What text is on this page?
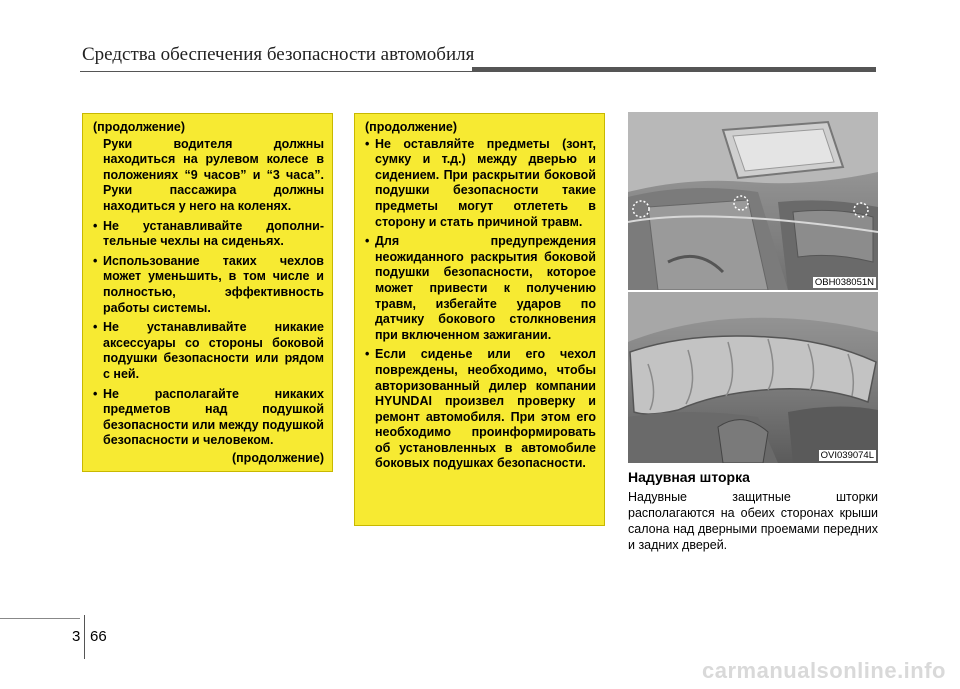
Средства обеспечения безопасности автомобиля
(продолжение)

Руки водителя должны находиться на рулевом колесе в положениях “9 часов” и “3 часа”. Руки пассажира должны находиться у него на коленях.

• Не устанавливайте дополни-тельные чехлы на сиденьях.
• Использование таких чехлов может уменьшить, в том числе и полностью, эффективность работы системы.
• Не устанавливайте никакие аксессуары со стороны боковой подушки безопасности или рядом с ней.
• Не располагайте никаких предметов над подушкой безопасности или между подушкой безопасности и человеком.
(продолжение)
(продолжение)
• Не оставляйте предметы (зонт, сумку и т.д.) между дверью и сидением. При раскрытии боковой подушки безопасности такие предметы могут отлететь в сторону и стать причиной травм.
• Для предупреждения неожиданного раскрытия боковой подушки безопасности, которое может привести к получению травм, избегайте ударов по датчику бокового столкновения при включенном зажигании.
• Если сиденье или его чехол повреждены, необходимо, чтобы авторизованный дилер компании HYUNDAI произвел проверку и ремонт автомобиля. При этом его необходимо проинформировать об установленных в автомобиле боковых подушках безопасности.
OBH038051N
OVI039074L
Надувная шторка
Надувные защитные шторки располагаются на обеих сторонах крыши салона над дверными проемами передних и задних дверей.
3 66
carmanualsonline.info
